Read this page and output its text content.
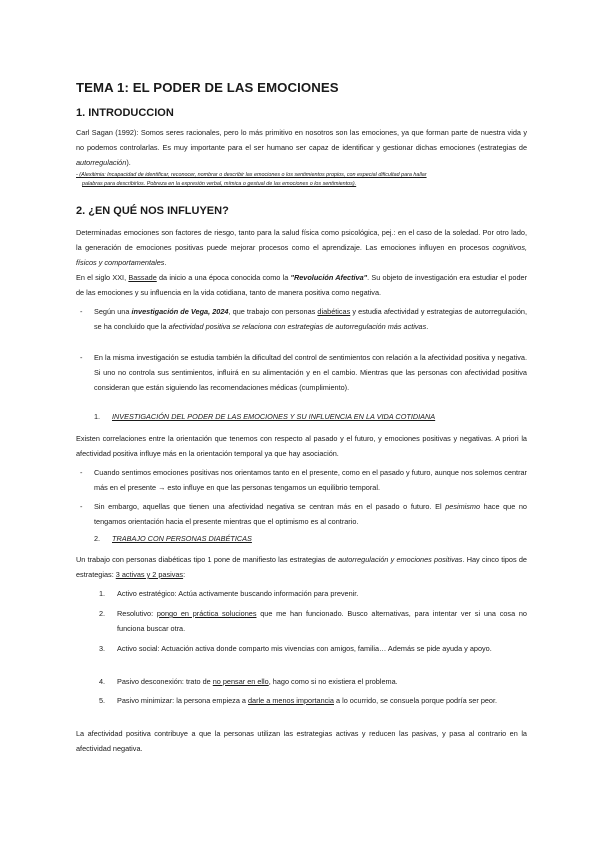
TEMA 1: EL PODER DE LAS EMOCIONES
1. INTRODUCCION
Carl Sagan (1992): Somos seres racionales, pero lo más primitivo en nosotros son las emociones, ya que forman parte de nuestra vida y no podemos controlarlas. Es muy importante para el ser humano ser capaz de identificar y gestionar dichas emociones (estrategias de autorregulación).
- (Alexitimia: Incapacidad de identificar, reconocer, nombrar o describir las emociones o los sentimientos propios, con especial dificultad para hallar
palabras para describirlos. Pobreza en la expresión verbal, mímica o gestual de las emociones o los sentimientos).
2. ¿EN QUÉ NOS INFLUYEN?
Determinadas emociones son factores de riesgo, tanto para la salud física como psicológica, pej.: en el caso de la soledad. Por otro lado, la generación de emociones positivas puede mejorar procesos como el aprendizaje. Las emociones influyen en procesos cognitivos, físicos y comportamentales.
En el siglo XXI, Bassade da inicio a una época conocida como la "Revolución Afectiva". Su objeto de investigación era estudiar el poder de las emociones y su influencia en la vida cotidiana, tanto de manera positiva como negativa.
- Según una investigación de Vega, 2024, que trabajo con personas diabéticas y estudia afectividad y estrategias de autorregulación, se ha concluido que la afectividad positiva se relaciona con estrategias de autorregulación más activas.
- En la misma investigación se estudia también la dificultad del control de sentimientos con relación a la afectividad positiva y negativa. Si uno no controla sus sentimientos, influirá en su alimentación y en el cambio. Mientras que las personas con afectividad positiva consideran que están siguiendo las recomendaciones médicas (cumplimiento).
1. INVESTIGACIÓN DEL PODER DE LAS EMOCIONES Y SU INFLUENCIA EN LA VIDA COTIDIANA
Existen correlaciones entre la orientación que tenemos con respecto al pasado y el futuro, y emociones positivas y negativas. A priori la afectividad positiva influye más en la orientación temporal ya que hay asociación.
- Cuando sentimos emociones positivas nos orientamos tanto en el presente, como en el pasado y futuro, aunque nos solemos centrar más en el presente → esto influye en que las personas tengamos un equilibrio temporal.
- Sin embargo, aquellas que tienen una afectividad negativa se centran más en el pasado o futuro. El pesimismo hace que no tengamos orientación hacia el presente mientras que el optimismo es al contrario.
2. TRABAJO CON PERSONAS DIABÉTICAS
Un trabajo con personas diabéticas tipo 1 pone de manifiesto las estrategias de autorregulación y emociones positivas. Hay cinco tipos de estrategias: 3 activas y 2 pasivas:
1. Activo estratégico: Actúa activamente buscando información para prevenir.
2. Resolutivo: pongo en práctica soluciones que me han funcionado. Busco alternativas, para intentar ver si una cosa no funciona buscar otra.
3. Activo social: Actuación activa donde comparto mis vivencias con amigos, familia… Además se pide ayuda y apoyo.
4. Pasivo desconexión: trato de no pensar en ello, hago como si no existiera el problema.
5. Pasivo minimizar: la persona empieza a darle a menos importancia a lo ocurrido, se consuela porque podría ser peor.
La afectividad positiva contribuye a que la personas utilizan las estrategias activas y reducen las pasivas, y pasa al contrario en la afectividad negativa.
